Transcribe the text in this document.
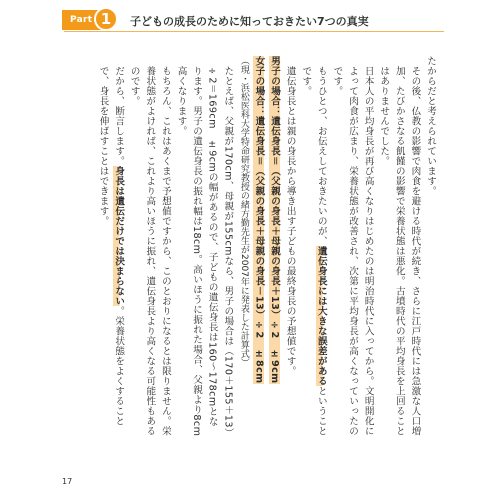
Part 1	子どもの成長のために知っておきたい7つの真実

たからだと考えられています。

その後、仏教の影響で肉食を避ける時代が続き、さらに江戸時代には急激な人口増加、たびかさなる飢饉の影響で栄養状態は悪化。古墳時代の平均身長を上回ることはありませんでした。

日本人の平均身長が再び高くなりはじめたのは明治時代に入ってから。文明開化によって肉食が広まり、栄養状態が改善され、次第に平均身長が高くなっていったのです。

もうひとつ、お伝えしておきたいのが、遺伝身長には大きな誤差があるということです。

遺伝身長とは親の身長から導き出す子どもの最終身長の予想値です。

男子の場合：遺伝身長＝（父親の身長＋母親の身長＋13）÷2　±9cm

女子の場合：遺伝身長＝（父親の身長＋母親の身長－13）÷2　±8cm

（現・浜松医科大学特命研究教授の緒方勤先生が2007年に発表した計算式）

たとえば、父親が170cm、母親が155cmなら、男子の場合は（170＋155＋13）÷2＝169cm　±9cmの幅があるので、子どもの遺伝身長は160～178cmとなります。男子の遺伝身長の振れ幅は18cm。高いほうに振れた場合、父親より8cm高くなります。

もちろん、これはあくまで予想値ですから、このとおりになるとは限りません。栄養状態がよければ、これより高いほうに振れ、遺伝身長より高くなる可能性もあるのです。

だから、断言します。身長は遺伝だけでは決まらない。栄養状態をよくすることで、身長を伸ばすことはできます。

17
